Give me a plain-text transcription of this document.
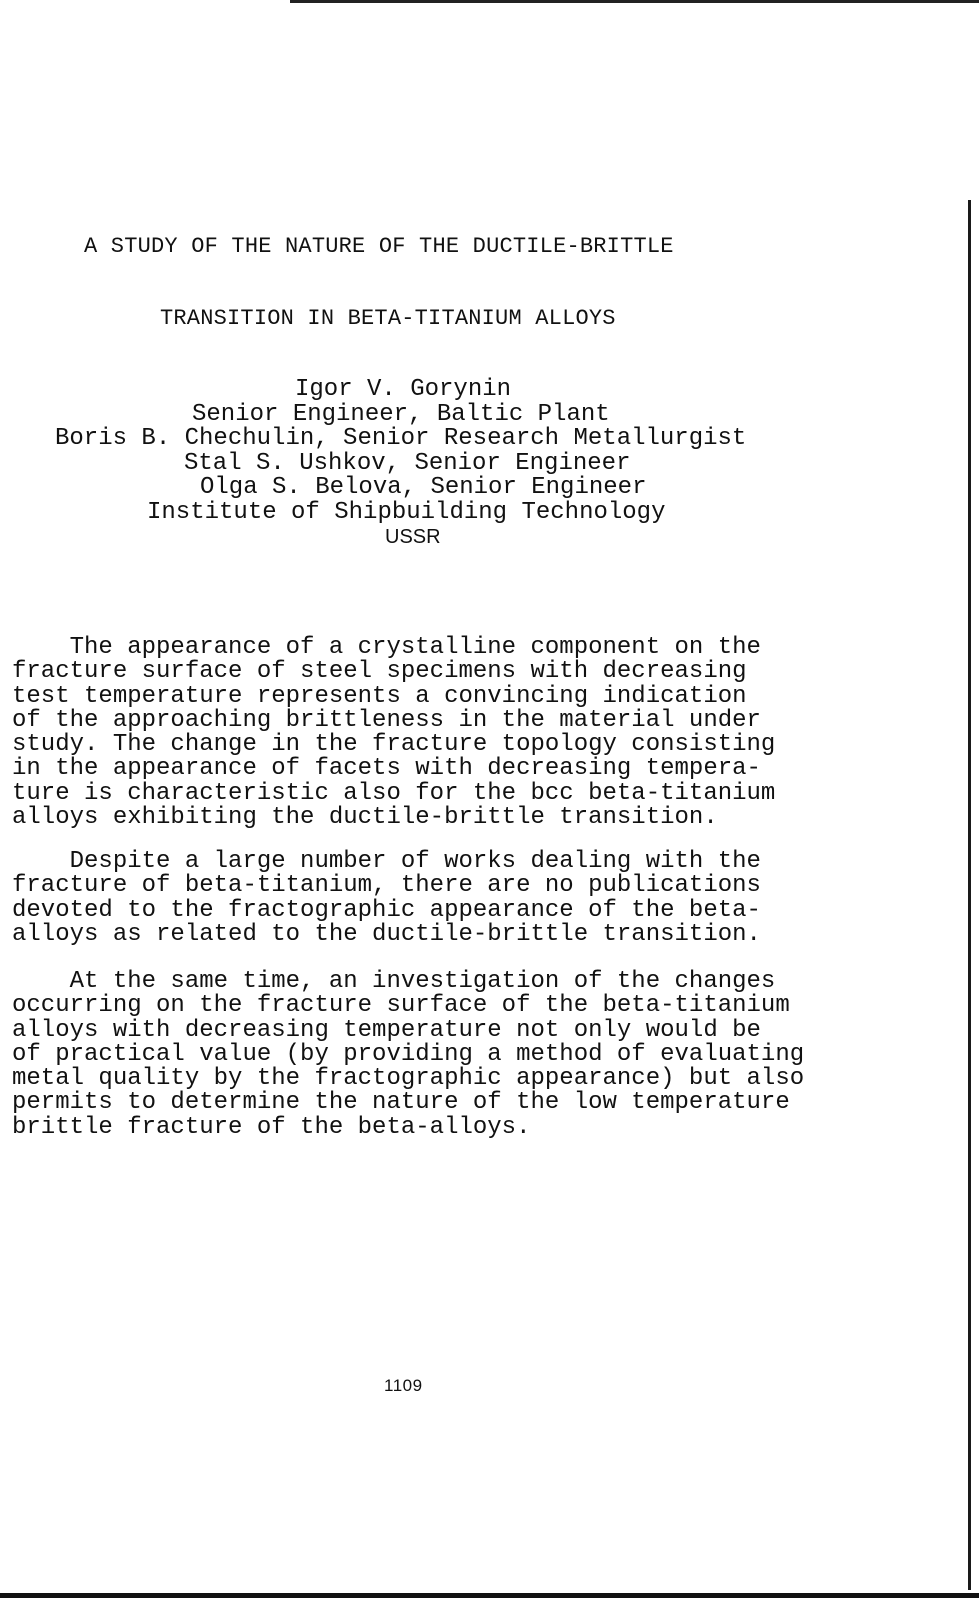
A STUDY OF THE NATURE OF THE DUCTILE-BRITTLE
TRANSITION IN BETA-TITANIUM ALLOYS
Igor V. Gorynin
Senior Engineer, Baltic Plant
Boris B. Chechulin, Senior Research Metallurgist
Stal S. Ushkov, Senior Engineer
Olga S. Belova, Senior Engineer
Institute of Shipbuilding Technology
USSR
The appearance of a crystalline component on the
fracture surface of steel specimens with decreasing
test temperature represents a convincing indication
of the approaching brittleness in the material under
study. The change in the fracture topology consisting
in the appearance of facets with decreasing tempera-
ture is characteristic also for the bcc beta-titanium
alloys exhibiting the ductile-brittle transition.
Despite a large number of works dealing with the
fracture of beta-titanium, there are no publications
devoted to the fractographic appearance of the beta-
alloys as related to the ductile-brittle transition.
At the same time, an investigation of the changes
occurring on the fracture surface of the beta-titanium
alloys with decreasing temperature not only would be
of practical value (by providing a method of evaluating
metal quality by the fractographic appearance) but also
permits to determine the nature of the low temperature
brittle fracture of the beta-alloys.
1109
